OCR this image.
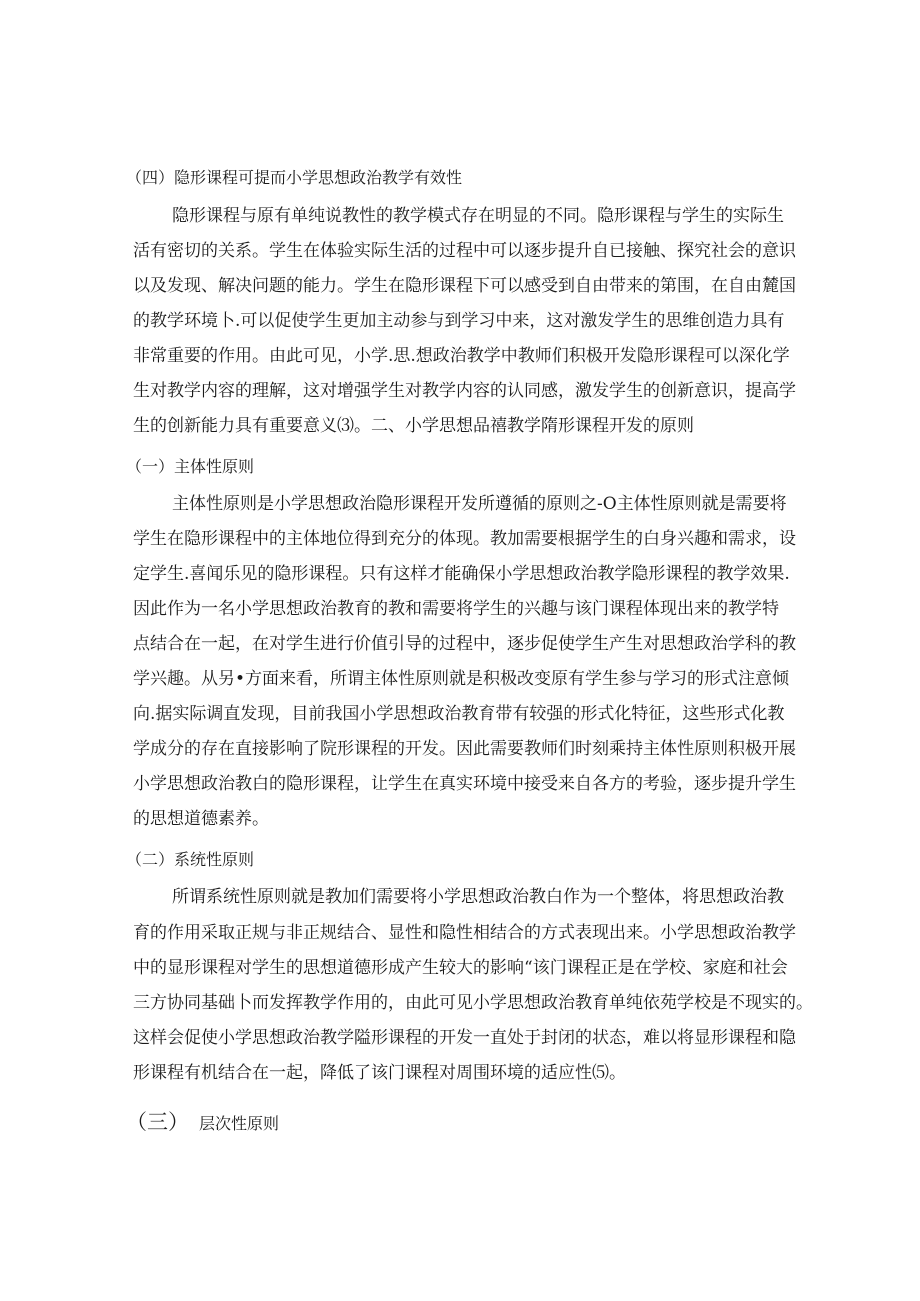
（四）隐形课程可提而小学思想政治教学有效性

隐形课程与原有单纯说教性的教学模式存在明显的不同。隐形课程与学生的实际生

活有密切的关系。学生在体验实际生活的过程中可以逐步提升自已接触、探究社会的意识

以及发现、解决问题的能力。学生在隐形课程下可以感受到自由带来的第围，在自由麓国

的教学环境卜.可以促使学生更加主动参与到学习中来，这对激发学生的思维创造力具有

非常重要的作用。由此可见，小学.思.想政治教学中教师们积极开发隐形课程可以深化学

生对教学内容的理解，这对增强学生对教学内容的认同感，激发学生的创新意识，提高学

生的创新能力具有重要意义⑶。二、小学思想品禧教学隋形课程开发的原则

（一）主体性原则

主体性原则是小学思想政治隐形课程开发所遵循的原则之-O主体性原则就是需要将

学生在隐形课程中的主体地位得到充分的体现。教加需要根据学生的白身兴趣和需求，设

定学生.喜闻乐见的隐形课程。只有这样才能确保小学思想政治教学隐形课程的教学效果.

因此作为一名小学思想政治教育的教和需要将学生的兴趣与该门课程体现出来的教学特

点结合在一起，在对学生进行价值引导的过程中，逐步促使学生产生对思想政治学科的教

学兴趣。从另•方面来看，所谓主体性原则就是积极改变原有学生参与学习的形式注意倾

向.据实际调直发现，目前我国小学思想政治教育带有较强的形式化特征，这些形式化教

学成分的存在直接影响了院形课程的开发。因此需要教师们时刻乘持主体性原则积极开展

小学思想政治教白的隐形课程，让学生在真实环境中接受来自各方的考验，逐步提升学生

的思想道德素养。

（二）系统性原则

所谓系统性原则就是教加们需要将小学思想政治教白作为一个整体，将思想政治教

育的作用采取正规与非正规结合、显性和隐性相结合的方式表现出来。小学思想政治教学

中的显形课程对学生的思想道德形成产生较大的影响“该门课程正是在学校、家庭和社会

三方协同基础卜而发挥教学作用的，由此可见小学思想政治教育单纯依苑学校是不现实的。

这样会促使小学思想政治教学隘形课程的开发一直处于封闭的状态，难以将显形课程和隐

形课程有机结合在一起，降低了该门课程对周围环境的适应性⑸。

（三） 层次性原则
